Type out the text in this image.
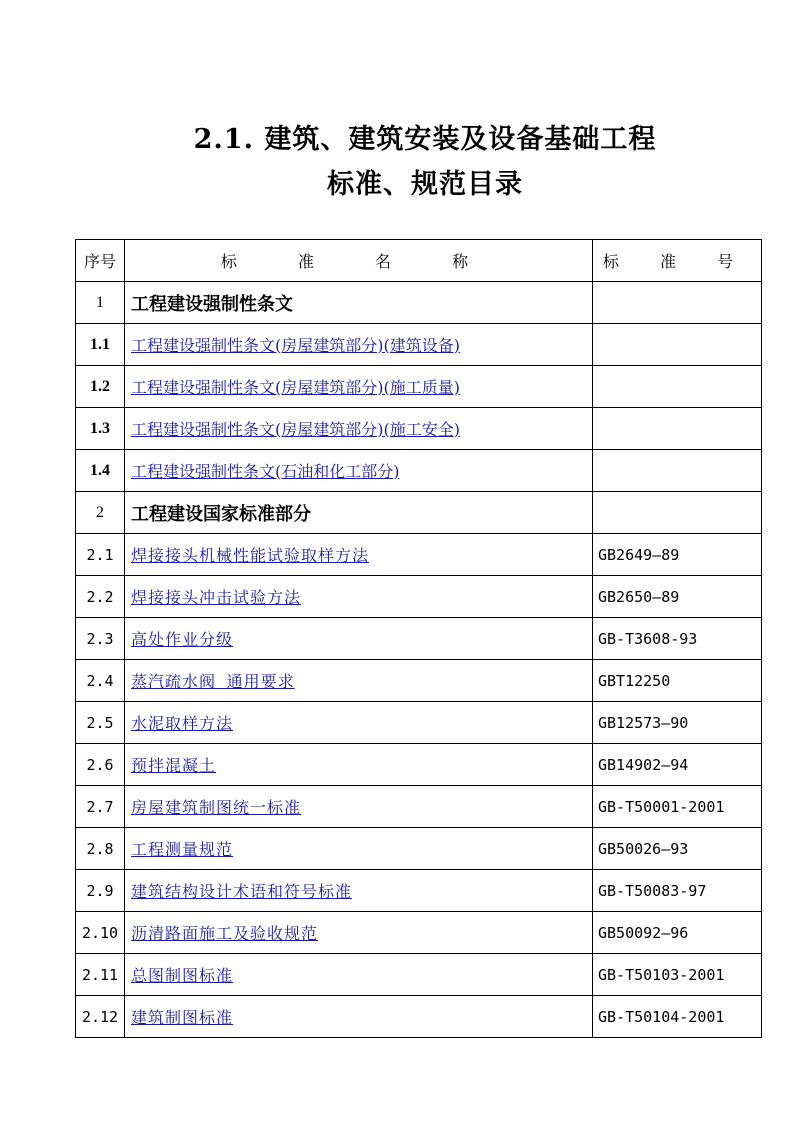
2.1. 建筑、建筑安装及设备基础工程
标准、规范目录
序号	标 准 名 称	标 准 号
1	工程建设强制性条文	
1.1	工程建设强制性条文(房屋建筑部分)(建筑设备)	
1.2	工程建设强制性条文(房屋建筑部分)(施工质量)	
1.3	工程建设强制性条文(房屋建筑部分)(施工安全)	
1.4	工程建设强制性条文(石油和化工部分)	
2	工程建设国家标准部分	
2.1	焊接接头机械性能试验取样方法	GB2649—89
2.2	焊接接头冲击试验方法	GB2650—89
2.3	高处作业分级	GB-T3608-93
2.4	蒸汽疏水阀 通用要求	GBT12250
2.5	水泥取样方法	GB12573—90
2.6	预拌混凝土	GB14902—94
2.7	房屋建筑制图统一标准	GB-T50001-2001
2.8	工程测量规范	GB50026—93
2.9	建筑结构设计术语和符号标准	GB-T50083-97
2.10	沥清路面施工及验收规范	GB50092—96
2.11	总图制图标准	GB-T50103-2001
2.12	建筑制图标准	GB-T50104-2001
